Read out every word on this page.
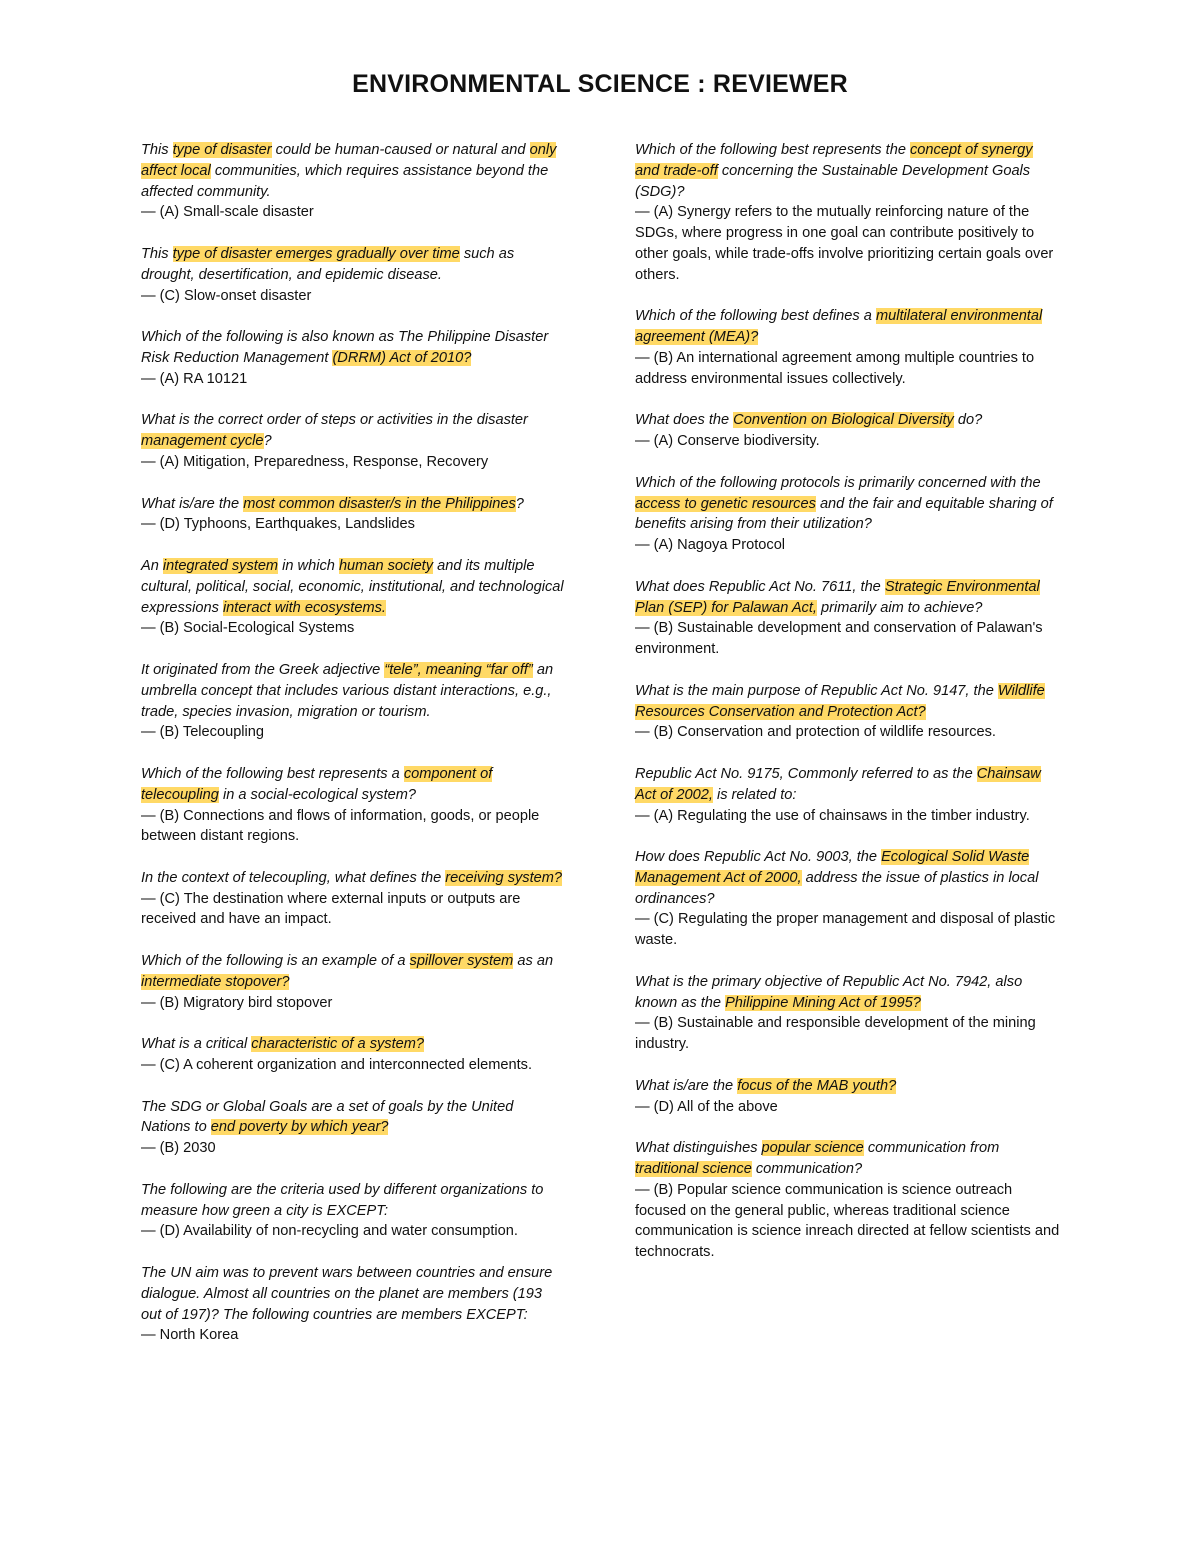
ENVIRONMENTAL SCIENCE : REVIEWER

This type of disaster could be human-caused or natural and only affect local communities, which requires assistance beyond the affected community.

— (A) Small-scale disaster

This type of disaster emerges gradually over time such as drought, desertification, and epidemic disease.

— (C) Slow-onset disaster

Which of the following is also known as The Philippine Disaster Risk Reduction Management (DRRM) Act of 2010?

— (A) RA 10121

What is the correct order of steps or activities in the disaster management cycle?

— (A) Mitigation, Preparedness, Response, Recovery

What is/are the most common disaster/s in the Philippines?

— (D) Typhoons, Earthquakes, Landslides

An integrated system in which human society and its multiple cultural, political, social, economic, institutional, and technological expressions interact with ecosystems.

— (B) Social-Ecological Systems

It originated from the Greek adjective “tele”, meaning “far off” an umbrella concept that includes various distant interactions, e.g., trade, species invasion, migration or tourism.

— (B) Telecoupling

Which of the following best represents a component of telecoupling in a social-ecological system?

— (B) Connections and flows of information, goods, or people between distant regions.

In the context of telecoupling, what defines the receiving system?

— (C) The destination where external inputs or outputs are received and have an impact.

Which of the following is an example of a spillover system as an intermediate stopover?

— (B) Migratory bird stopover

What is a critical characteristic of a system?

— (C) A coherent organization and interconnected elements.

The SDG or Global Goals are a set of goals by the United Nations to end poverty by which year?

— (B) 2030

The following are the criteria used by different organizations to measure how green a city is EXCEPT:

— (D) Availability of non-recycling and water consumption.

The UN aim was to prevent wars between countries and ensure dialogue. Almost all countries on the planet are members (193 out of 197)? The following countries are members EXCEPT:

— North Korea

Which of the following best represents the concept of synergy and trade-off concerning the Sustainable Development Goals (SDG)?

— (A) Synergy refers to the mutually reinforcing nature of the SDGs, where progress in one goal can contribute positively to other goals, while trade-offs involve prioritizing certain goals over others.

Which of the following best defines a multilateral environmental agreement (MEA)?

— (B) An international agreement among multiple countries to address environmental issues collectively.

What does the Convention on Biological Diversity do?

— (A) Conserve biodiversity.

Which of the following protocols is primarily concerned with the access to genetic resources and the fair and equitable sharing of benefits arising from their utilization?

— (A) Nagoya Protocol

What does Republic Act No. 7611, the Strategic Environmental Plan (SEP) for Palawan Act, primarily aim to achieve?

— (B) Sustainable development and conservation of Palawan's environment.

What is the main purpose of Republic Act No. 9147, the Wildlife Resources Conservation and Protection Act?

— (B) Conservation and protection of wildlife resources.

Republic Act No. 9175, Commonly referred to as the Chainsaw Act of 2002, is related to:

— (A) Regulating the use of chainsaws in the timber industry.

How does Republic Act No. 9003, the Ecological Solid Waste Management Act of 2000, address the issue of plastics in local ordinances?

— (C) Regulating the proper management and disposal of plastic waste.

What is the primary objective of Republic Act No. 7942, also known as the Philippine Mining Act of 1995?

— (B) Sustainable and responsible development of the mining industry.

What is/are the focus of the MAB youth?

— (D) All of the above

What distinguishes popular science communication from traditional science communication?

— (B) Popular science communication is science outreach focused on the general public, whereas traditional science communication is science inreach directed at fellow scientists and technocrats.
